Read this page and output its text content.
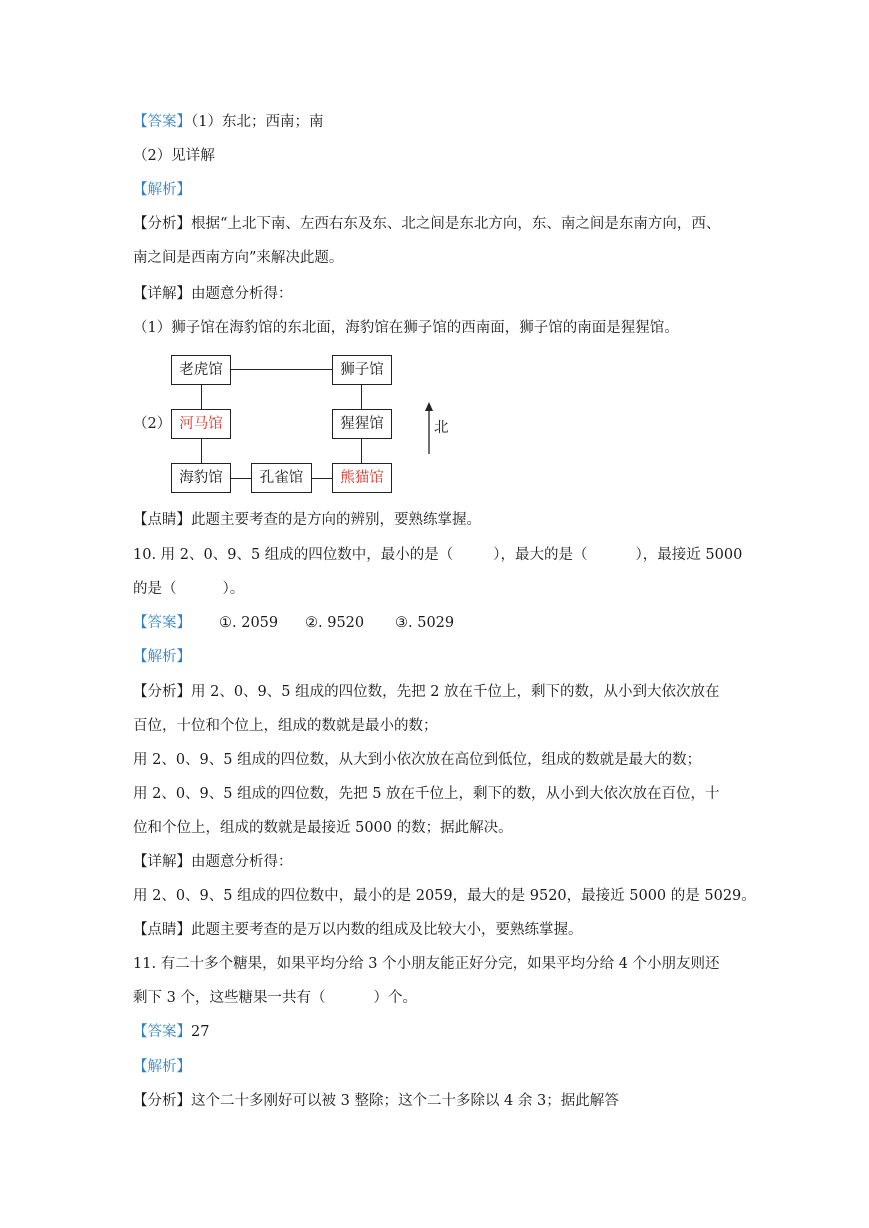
【答案】（1）东北；西南；南
（2）见详解
【解析】
【分析】根据“上北下南、左西右东及东、北之间是东北方向，东、南之间是东南方向，西、
南之间是西南方向”来解决此题。
【详解】由题意分析得：
（1）狮子馆在海豹馆的东北面，海豹馆在狮子馆的西南面，狮子馆的南面是猩猩馆。
（2）
老虎馆	狮子馆
河马馆	猩猩馆
海豹馆	孔雀馆	熊猫馆
北
【点睛】此题主要考查的是方向的辨别，要熟练掌握。
10. 用 2、0、9、5 组成的四位数中，最小的是（	），最大的是（	），最接近 5000
的是（	）。
【答案】 ①. 2059 ②. 9520 ③. 5029
【解析】
【分析】用 2、0、9、5 组成的四位数，先把 2 放在千位上，剩下的数，从小到大依次放在
百位，十位和个位上，组成的数就是最小的数；
用 2、0、9、5 组成的四位数，从大到小依次放在高位到低位，组成的数就是最大的数；
用 2、0、9、5 组成的四位数，先把 5 放在千位上，剩下的数，从小到大依次放在百位，十
位和个位上，组成的数就是最接近 5000 的数；据此解决。
【详解】由题意分析得：
用 2、0、9、5 组成的四位数中，最小的是 2059，最大的是 9520，最接近 5000 的是 5029。
【点睛】此题主要考查的是万以内数的组成及比较大小，要熟练掌握。
11. 有二十多个糖果，如果平均分给 3 个小朋友能正好分完，如果平均分给 4 个小朋友则还
剩下 3 个，这些糖果一共有（	）个。
【答案】27
【解析】
【分析】这个二十多刚好可以被 3 整除；这个二十多除以 4 余 3；据此解答
